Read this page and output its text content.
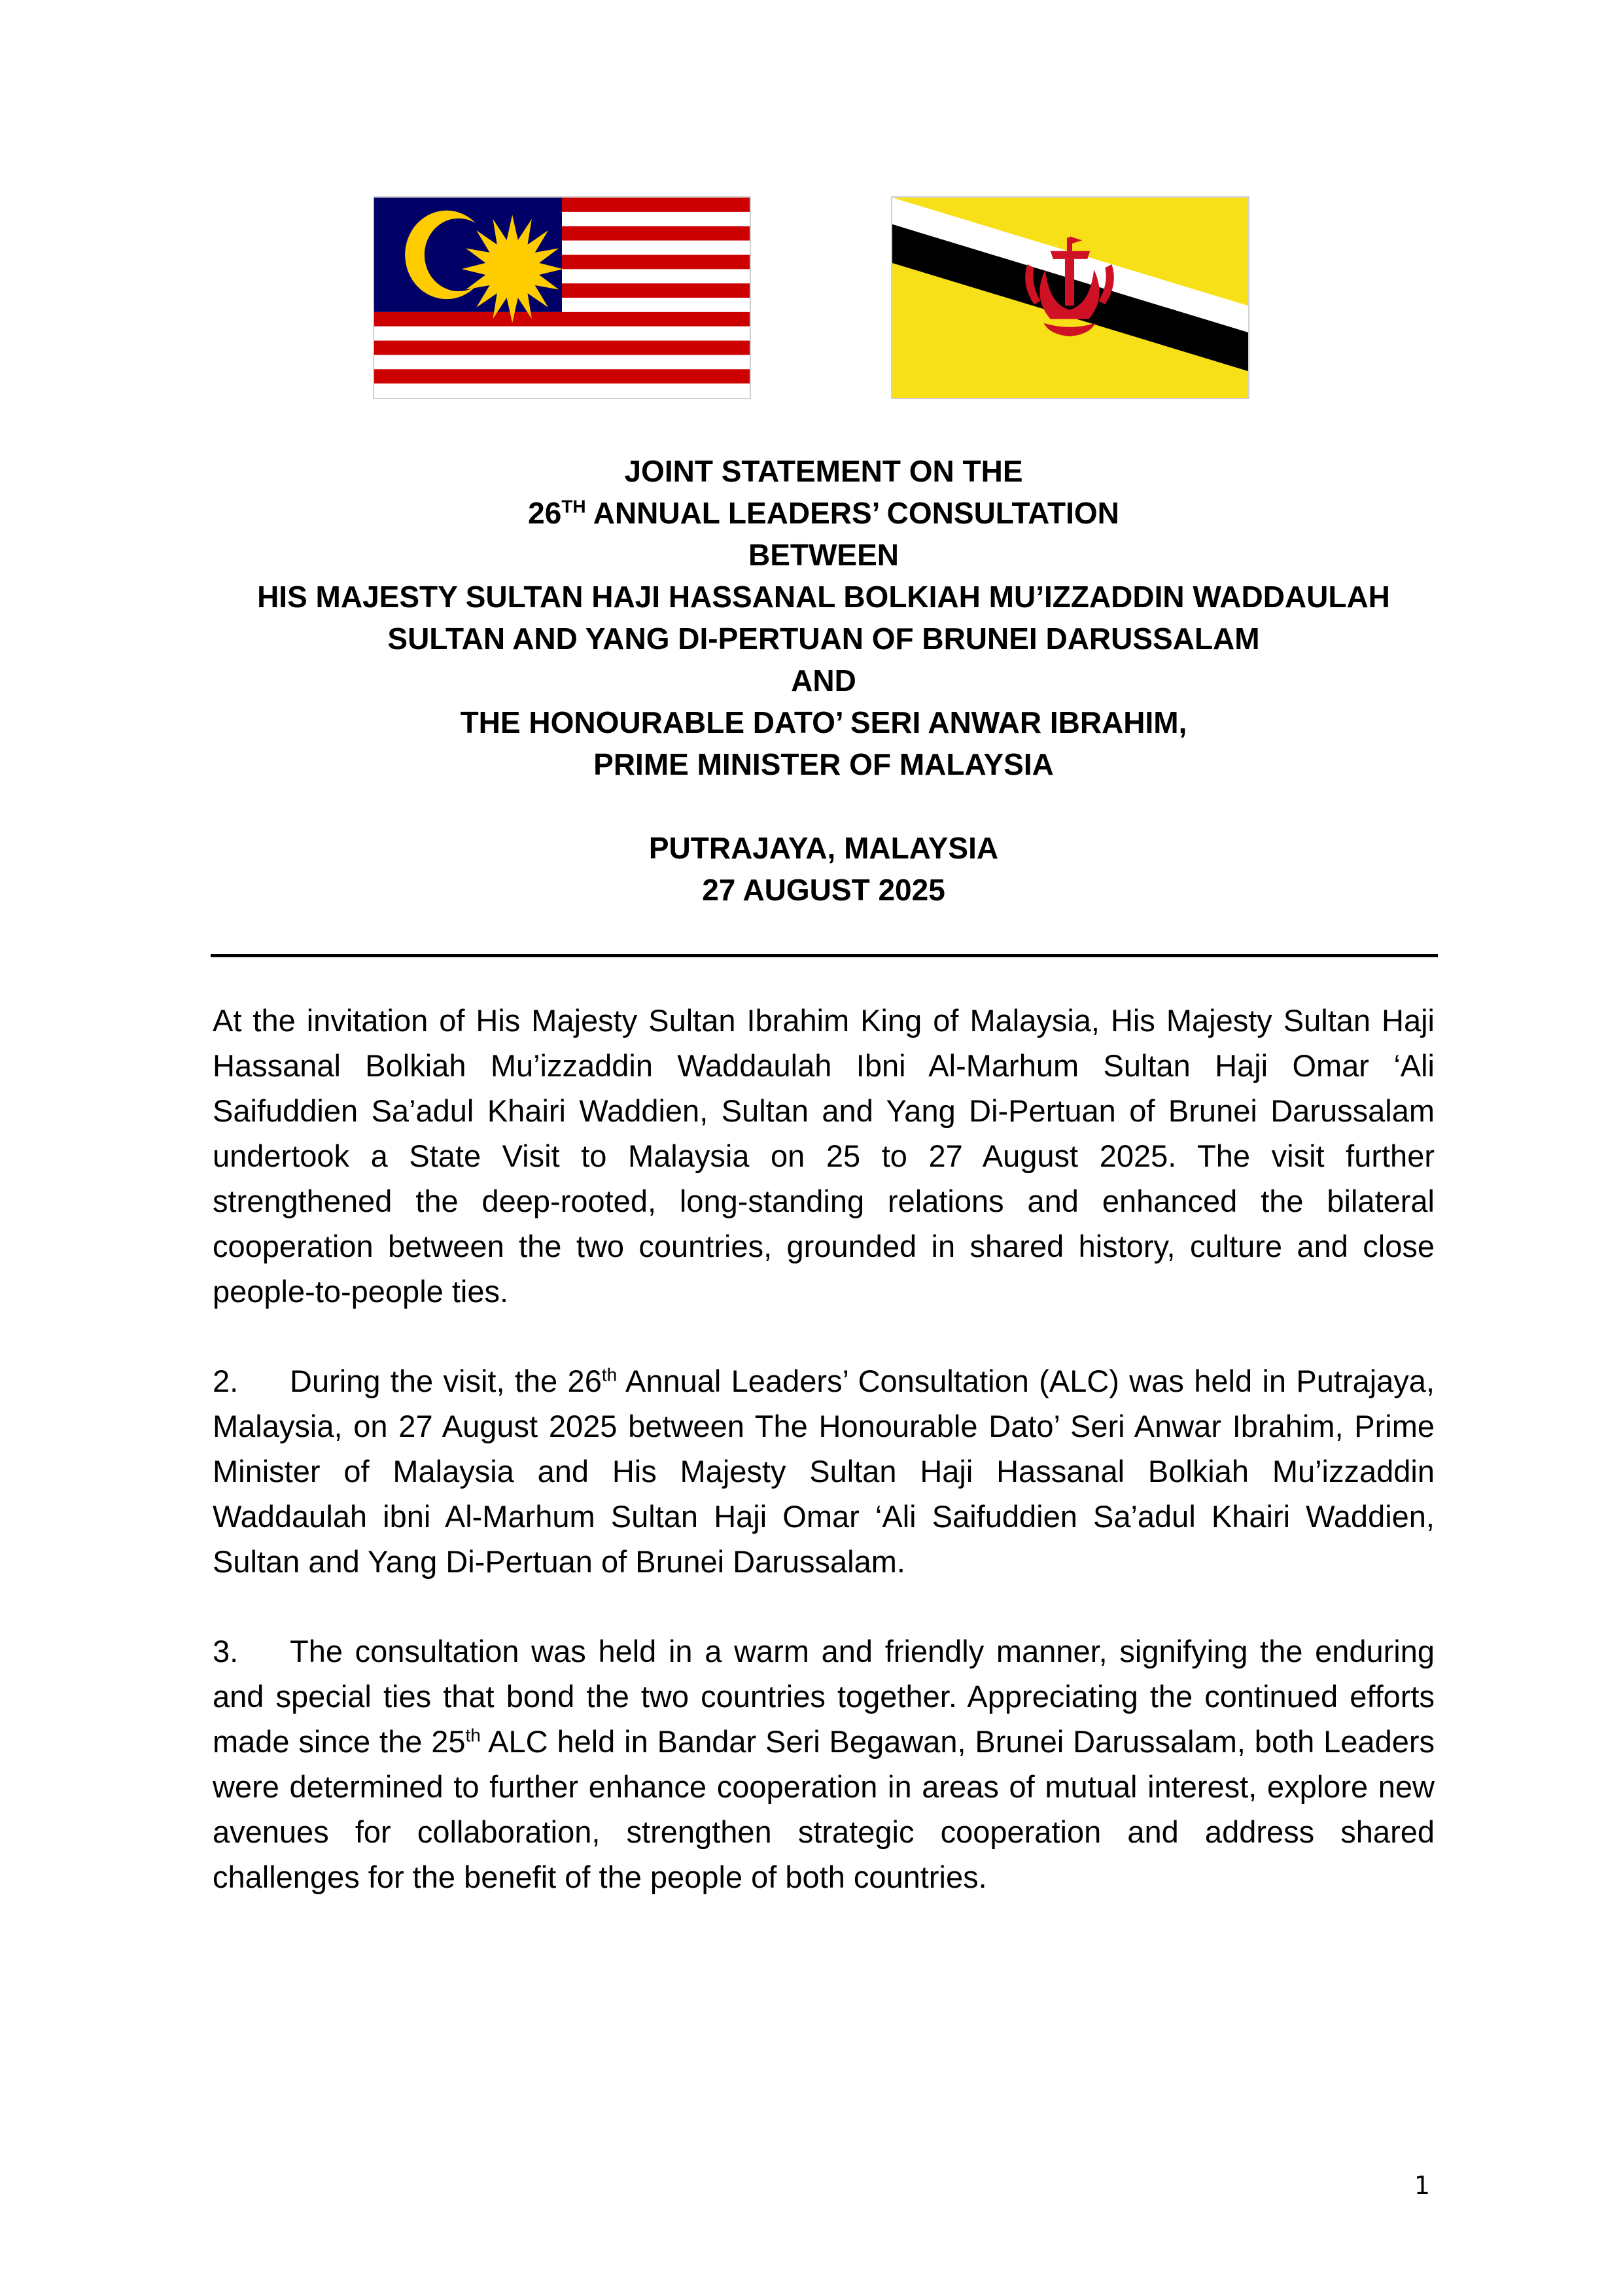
JOINT STATEMENT ON THE
26TH ANNUAL LEADERS’ CONSULTATION
BETWEEN
HIS MAJESTY SULTAN HAJI HASSANAL BOLKIAH MU’IZZADDIN WADDAULAH
SULTAN AND YANG DI-PERTUAN OF BRUNEI DARUSSALAM
AND
THE HONOURABLE DATO’ SERI ANWAR IBRAHIM,
PRIME MINISTER OF MALAYSIA
PUTRAJAYA, MALAYSIA
27 AUGUST 2025

At the invitation of His Majesty Sultan Ibrahim King of Malaysia, His Majesty Sultan Haji Hassanal Bolkiah Mu’izzaddin Waddaulah Ibni Al-Marhum Sultan Haji Omar ‘Ali Saifuddien Sa’adul Khairi Waddien, Sultan and Yang Di-Pertuan of Brunei Darussalam undertook a State Visit to Malaysia on 25 to 27 August 2025. The visit further strengthened the deep-rooted, long-standing relations and enhanced the bilateral cooperation between the two countries, grounded in shared history, culture and close people-to-people ties.

2. During the visit, the 26th Annual Leaders’ Consultation (ALC) was held in Putrajaya, Malaysia, on 27 August 2025 between The Honourable Dato’ Seri Anwar Ibrahim, Prime Minister of Malaysia and His Majesty Sultan Haji Hassanal Bolkiah Mu’izzaddin Waddaulah ibni Al-Marhum Sultan Haji Omar ‘Ali Saifuddien Sa’adul Khairi Waddien, Sultan and Yang Di-Pertuan of Brunei Darussalam.

3. The consultation was held in a warm and friendly manner, signifying the enduring and special ties that bond the two countries together. Appreciating the continued efforts made since the 25th ALC held in Bandar Seri Begawan, Brunei Darussalam, both Leaders were determined to further enhance cooperation in areas of mutual interest, explore new avenues for collaboration, strengthen strategic cooperation and address shared challenges for the benefit of the people of both countries.

1
